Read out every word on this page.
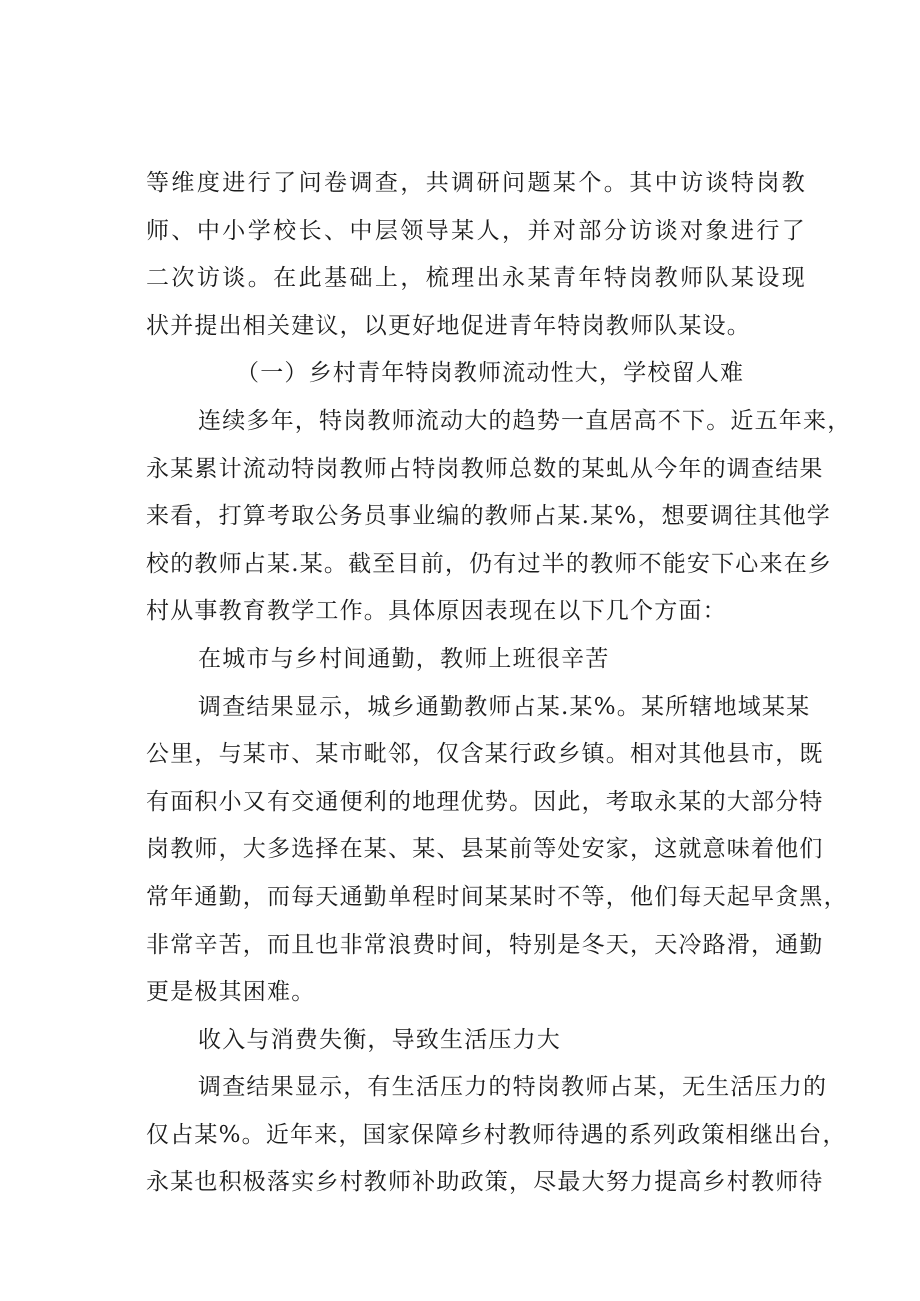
等维度进行了问卷调查，共调研问题某个。其中访谈特岗教
师、中小学校长、中层领导某人，并对部分访谈对象进行了
二次访谈。在此基础上，梳理出永某青年特岗教师队某设现
状并提出相关建议，以更好地促进青年特岗教师队某设。
（一）乡村青年特岗教师流动性大，学校留人难
连续多年，特岗教师流动大的趋势一直居高不下。近五年来，
永某累计流动特岗教师占特岗教师总数的某虬从今年的调查结果
来看，打算考取公务员事业编的教师占某.某%，想要调往其他学
校的教师占某.某。截至目前，仍有过半的教师不能安下心来在乡
村从事教育教学工作。具体原因表现在以下几个方面：
在城市与乡村间通勤，教师上班很辛苦
调查结果显示，城乡通勤教师占某.某%。某所辖地域某某
公里，与某市、某市毗邻，仅含某行政乡镇。相对其他县市，既
有面积小又有交通便利的地理优势。因此，考取永某的大部分特
岗教师，大多选择在某、某、县某前等处安家，这就意味着他们
常年通勤，而每天通勤单程时间某某时不等，他们每天起早贪黑，
非常辛苦，而且也非常浪费时间，特别是冬天，天冷路滑，通勤
更是极其困难。
收入与消费失衡，导致生活压力大
调查结果显示，有生活压力的特岗教师占某，无生活压力的
仅占某%。近年来，国家保障乡村教师待遇的系列政策相继出台，
永某也积极落实乡村教师补助政策，尽最大努力提高乡村教师待
